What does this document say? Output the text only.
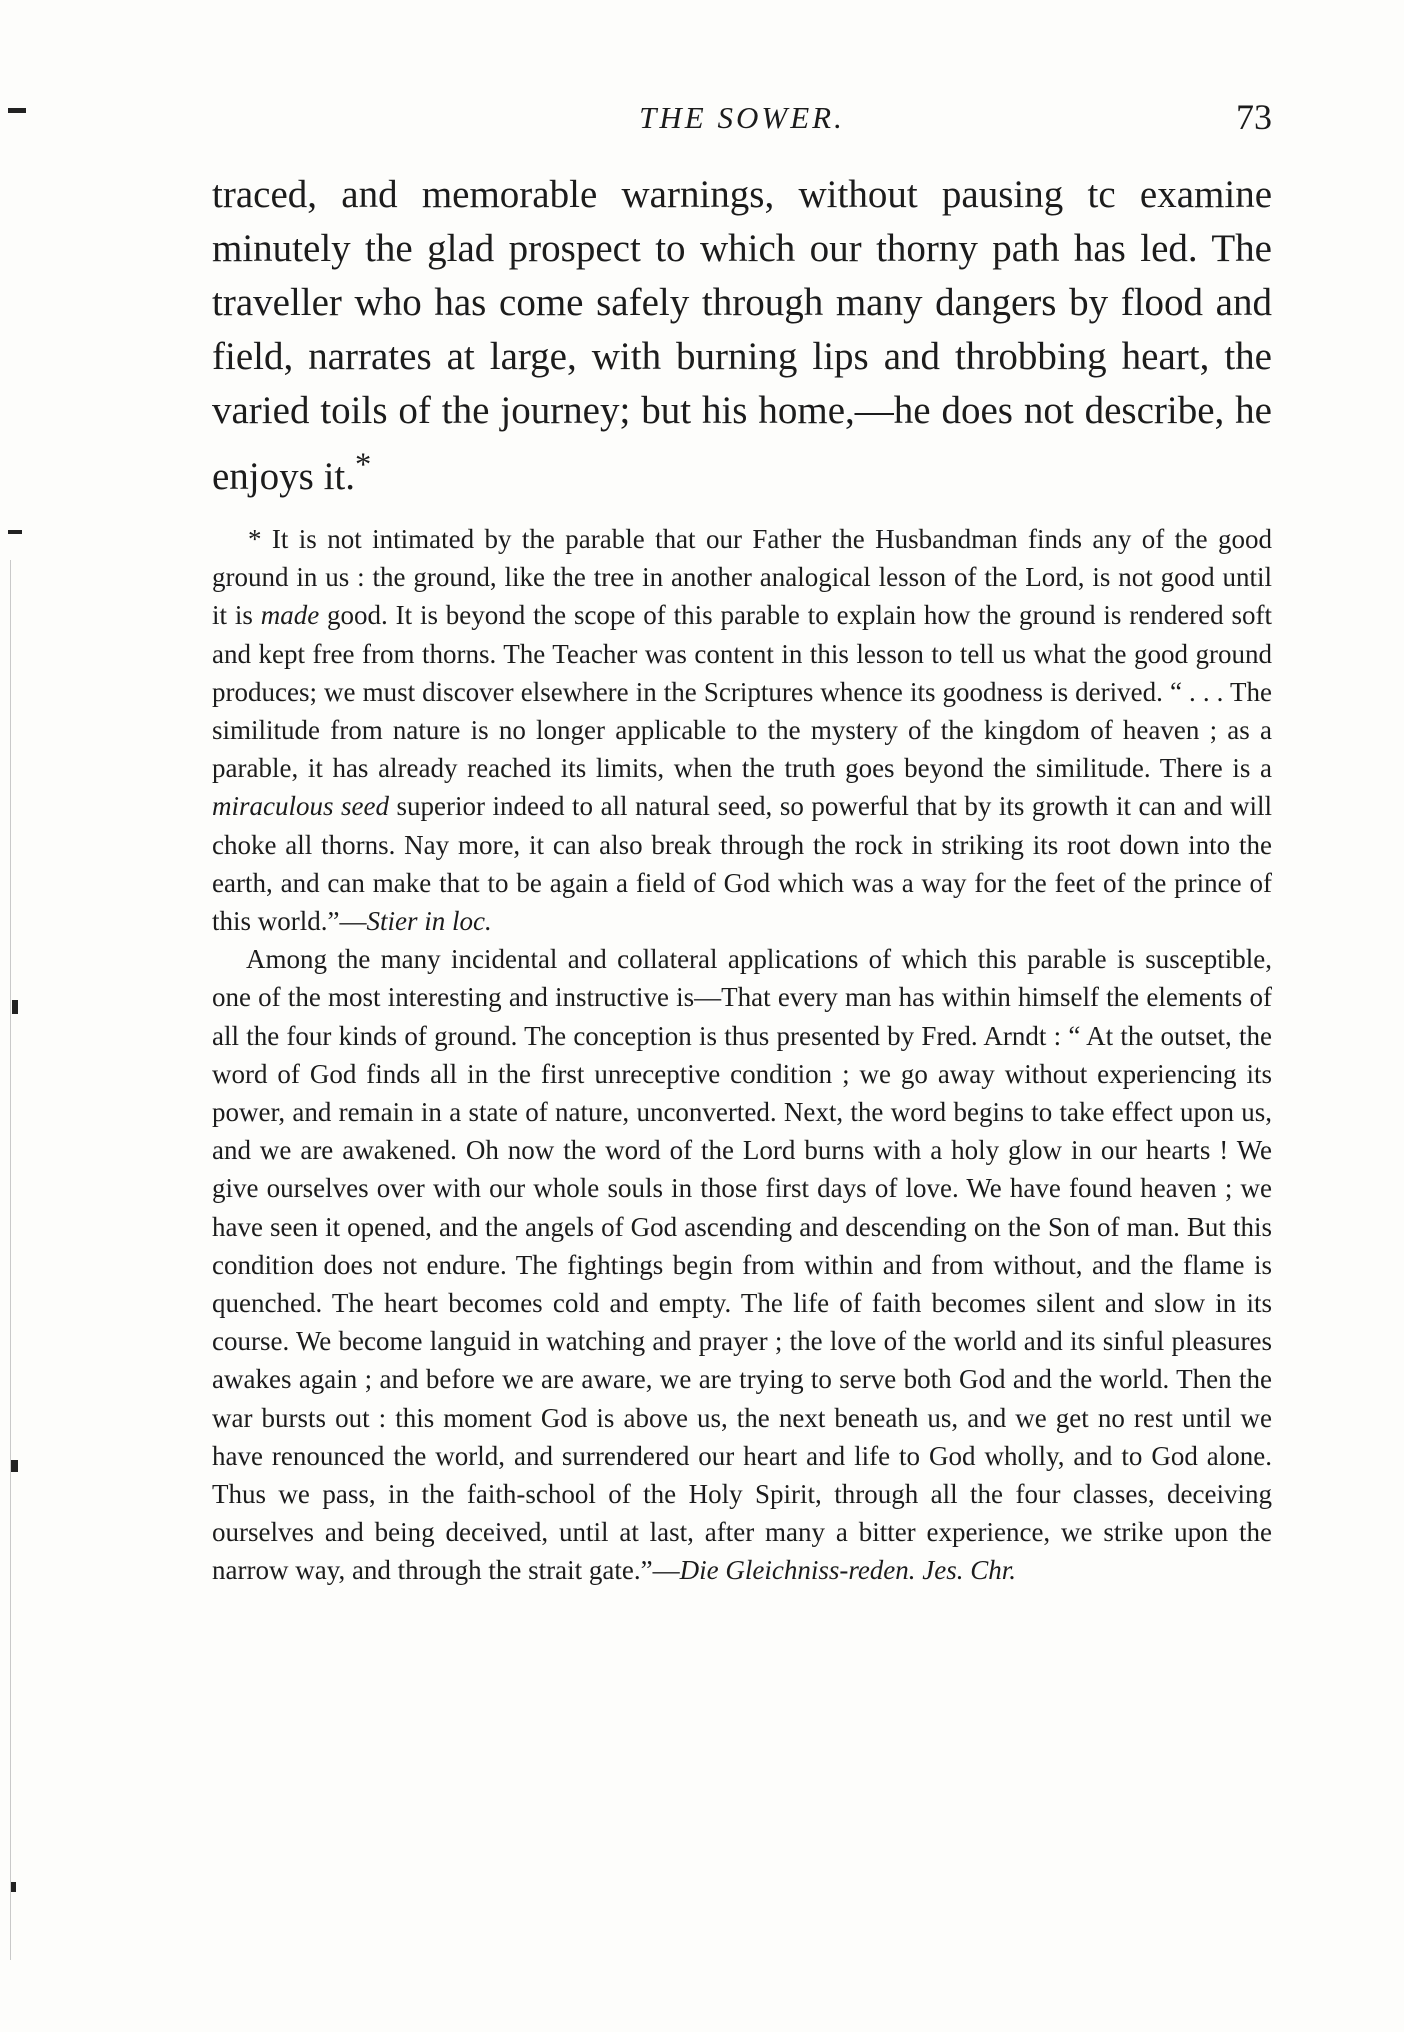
THE SOWER.	73

traced, and memorable warnings, without pausing tc examine minutely the glad prospect to which our thorny path has led. The traveller who has come safely through many dangers by flood and field, narrates at large, with burning lips and throbbing heart, the varied toils of the journey; but his home,—he does not describe, he enjoys it.*

* It is not intimated by the parable that our Father the Husbandman finds any of the good ground in us : the ground, like the tree in another analogical lesson of the Lord, is not good until it is made good. It is beyond the scope of this parable to explain how the ground is rendered soft and kept free from thorns. The Teacher was content in this lesson to tell us what the good ground produces; we must discover elsewhere in the Scriptures whence its goodness is derived. “ . . . The similitude from nature is no longer applicable to the mystery of the kingdom of heaven ; as a parable, it has already reached its limits, when the truth goes beyond the similitude. There is a miraculous seed superior indeed to all natural seed, so powerful that by its growth it can and will choke all thorns. Nay more, it can also break through the rock in striking its root down into the earth, and can make that to be again a field of God which was a way for the feet of the prince of this world.”—Stier in loc.

Among the many incidental and collateral applications of which this parable is susceptible, one of the most interesting and instructive is—That every man has within himself the elements of all the four kinds of ground. The conception is thus presented by Fred. Arndt : “ At the outset, the word of God finds all in the first unreceptive condition ; we go away without experiencing its power, and remain in a state of nature, unconverted. Next, the word begins to take effect upon us, and we are awakened. Oh now the word of the Lord burns with a holy glow in our hearts ! We give ourselves over with our whole souls in those first days of love. We have found heaven ; we have seen it opened, and the angels of God ascending and descending on the Son of man. But this condition does not endure. The fightings begin from within and from without, and the flame is quenched. The heart becomes cold and empty. The life of faith becomes silent and slow in its course. We become languid in watching and prayer ; the love of the world and its sinful pleasures awakes again ; and before we are aware, we are trying to serve both God and the world. Then the war bursts out : this moment God is above us, the next beneath us, and we get no rest until we have renounced the world, and surrendered our heart and life to God wholly, and to God alone. Thus we pass, in the faith-school of the Holy Spirit, through all the four classes, deceiving ourselves and being deceived, until at last, after many a bitter experience, we strike upon the narrow way, and through the strait gate.”—Die Gleichniss-reden. Jes. Chr.
